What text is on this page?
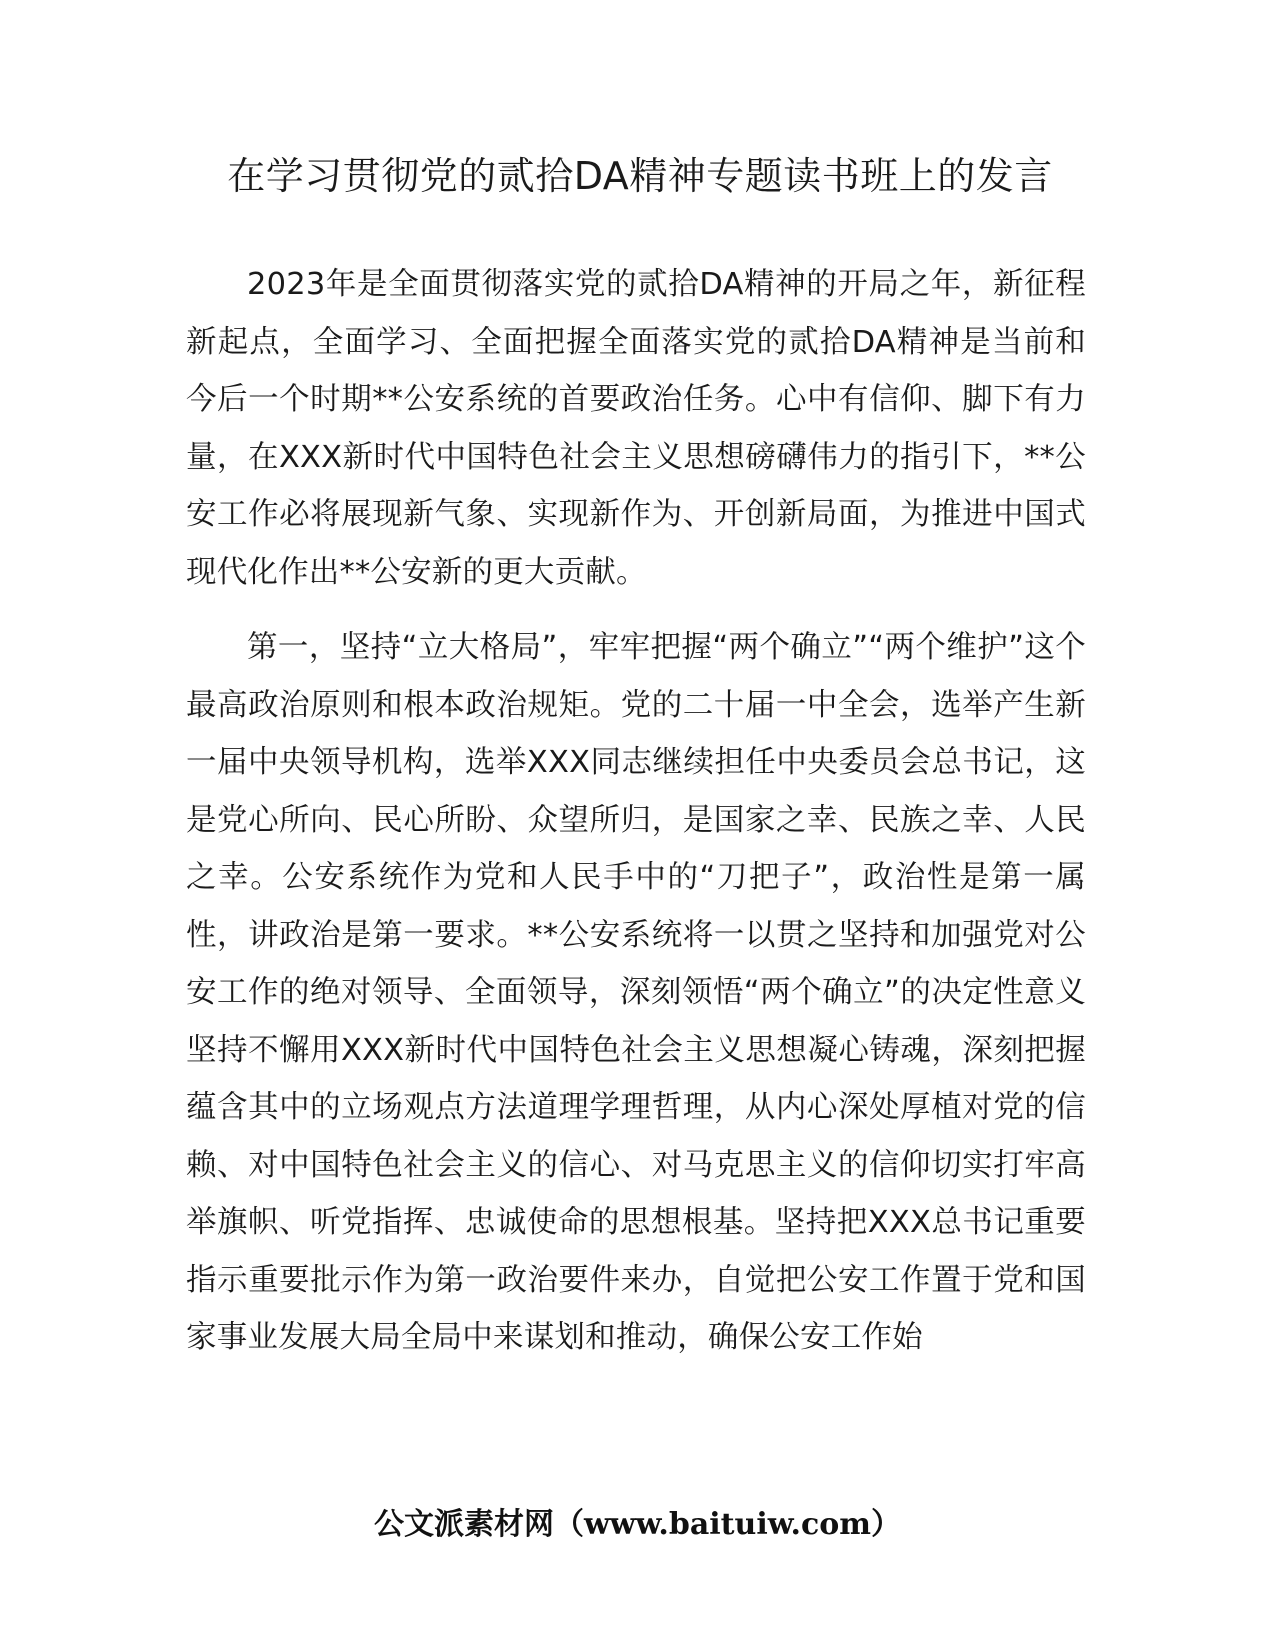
在学习贯彻党的贰拾DA精神专题读书班上的发言

2023年是全面贯彻落实党的贰拾DA精神的开局之年，新征程新起点，全面学习、全面把握全面落实党的贰拾DA精神是当前和今后一个时期**公安系统的首要政治任务。心中有信仰、脚下有力量，在XXX新时代中国特色社会主义思想磅礴伟力的指引下，**公安工作必将展现新气象、实现新作为、开创新局面，为推进中国式现代化作出**公安新的更大贡献。

第一，坚持“立大格局”，牢牢把握“两个确立”“两个维护”这个最高政治原则和根本政治规矩。党的二十届一中全会，选举产生新一届中央领导机构，选举XXX同志继续担任中央委员会总书记，这是党心所向、民心所盼、众望所归，是国家之幸、民族之幸、人民之幸。公安系统作为党和人民手中的“刀把子”，政治性是第一属性，讲政治是第一要求。**公安系统将一以贯之坚持和加强党对公安工作的绝对领导、全面领导，深刻领悟“两个确立”的决定性意义坚持不懈用XXX新时代中国特色社会主义思想凝心铸魂，深刻把握蕴含其中的立场观点方法道理学理哲理，从内心深处厚植对党的信赖、对中国特色社会主义的信心、对马克思主义的信仰切实打牢高举旗帜、听党指挥、忠诚使命的思想根基。坚持把XXX总书记重要指示重要批示作为第一政治要件来办，自觉把公安工作置于党和国家事业发展大局全局中来谋划和推动，确保公安工作始

公文派素材网（www.baituiw.com）
